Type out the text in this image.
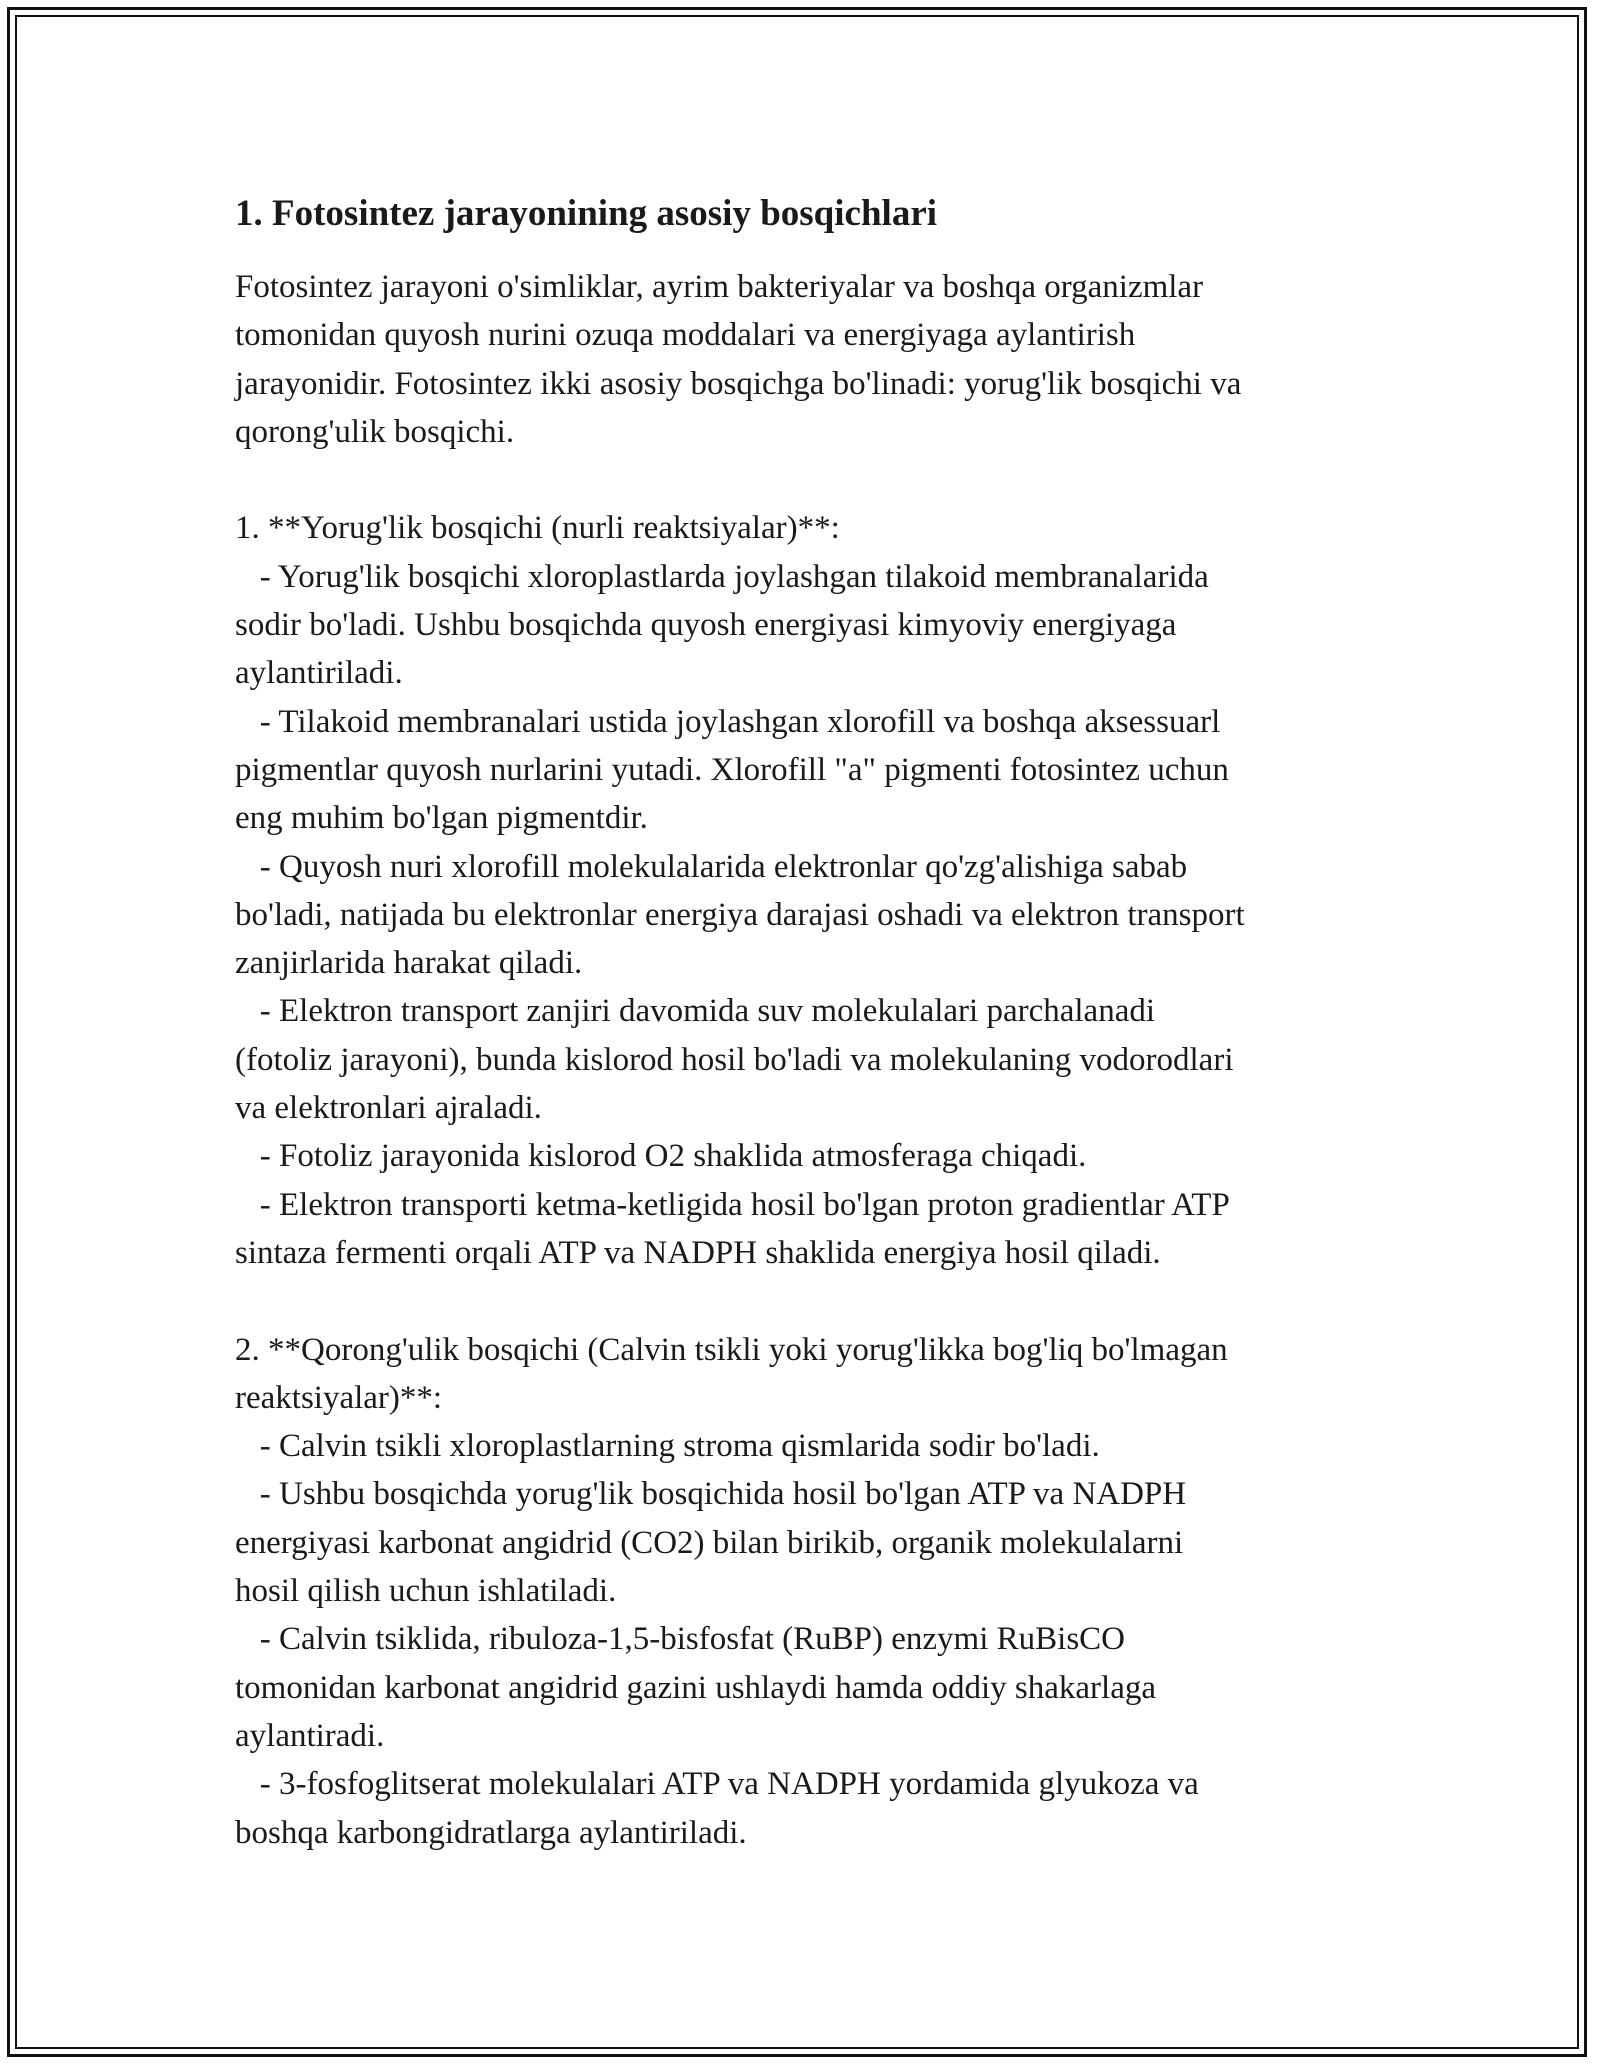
1. Fotosintez jarayonining asosiy bosqichlari
Fotosintez jarayoni o'simliklar, ayrim bakteriyalar va boshqa organizmlar
tomonidan quyosh nurini ozuqa moddalari va energiyaga aylantirish
jarayonidir. Fotosintez ikki asosiy bosqichga bo'linadi: yorug'lik bosqichi va
qorong'ulik bosqichi.
1. **Yorug'lik bosqichi (nurli reaktsiyalar)**:
- Yorug'lik bosqichi xloroplastlarda joylashgan tilakoid membranalarida
sodir bo'ladi. Ushbu bosqichda quyosh energiyasi kimyoviy energiyaga
aylantiriladi.
- Tilakoid membranalari ustida joylashgan xlorofill va boshqa aksessuarl
pigmentlar quyosh nurlarini yutadi. Xlorofill "a" pigmenti fotosintez uchun
eng muhim bo'lgan pigmentdir.
- Quyosh nuri xlorofill molekulalarida elektronlar qo'zg'alishiga sabab
bo'ladi, natijada bu elektronlar energiya darajasi oshadi va elektron transport
zanjirlarida harakat qiladi.
- Elektron transport zanjiri davomida suv molekulalari parchalanadi
(fotoliz jarayoni), bunda kislorod hosil bo'ladi va molekulaning vodorodlari
va elektronlari ajraladi.
- Fotoliz jarayonida kislorod O2 shaklida atmosferaga chiqadi.
- Elektron transporti ketma-ketligida hosil bo'lgan proton gradientlar ATP
sintaza fermenti orqali ATP va NADPH shaklida energiya hosil qiladi.
2. **Qorong'ulik bosqichi (Calvin tsikli yoki yorug'likka bog'liq bo'lmagan
reaktsiyalar)**:
- Calvin tsikli xloroplastlarning stroma qismlarida sodir bo'ladi.
- Ushbu bosqichda yorug'lik bosqichida hosil bo'lgan ATP va NADPH
energiyasi karbonat angidrid (CO2) bilan birikib, organik molekulalarni
hosil qilish uchun ishlatiladi.
- Calvin tsiklida, ribuloza-1,5-bisfosfat (RuBP) enzymi RuBisCO
tomonidan karbonat angidrid gazini ushlaydi hamda oddiy shakarlaga
aylantiradi.
- 3-fosfoglitserat molekulalari ATP va NADPH yordamida glyukoza va
boshqa karbongidratlarga aylantiriladi.
